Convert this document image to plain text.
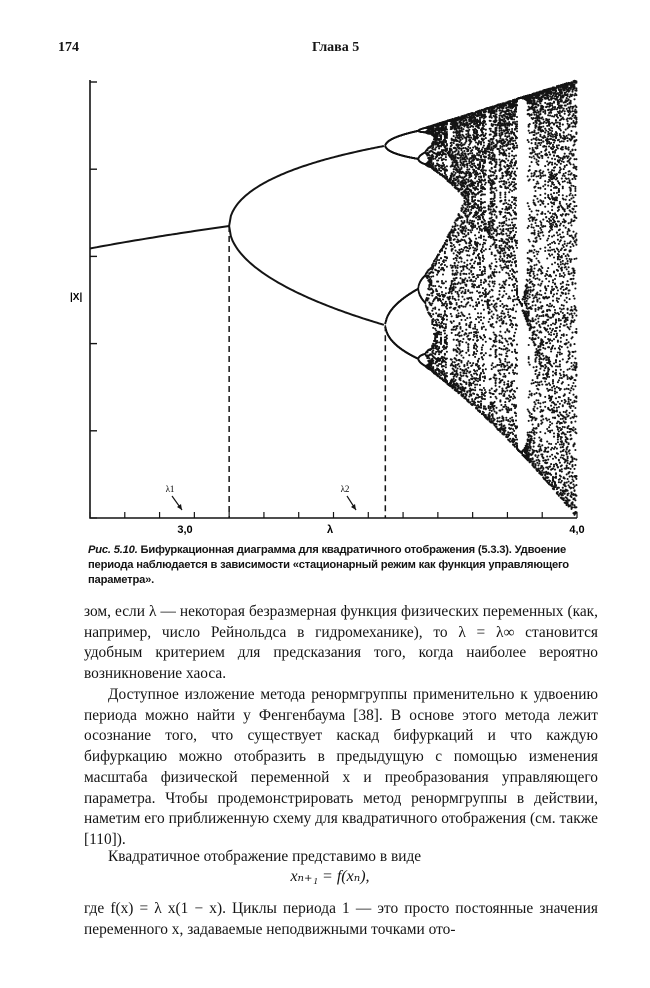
174	Глава 5
|X|
3,0	λ	4,0
λ1	λ2
Рис. 5.10. Бифуркационная диаграмма для квадратичного отображения (5.3.3). Удвоение периода наблюдается в зависимости «стационарный режим как функция управляющего параметра».
зом, если λ — некоторая безразмерная функция физических переменных (как, например, число Рейнольдса в гидромеханике), то λ = λ∞ становится удобным критерием для предсказания того, когда наиболее вероятно возникновение хаоса.
Доступное изложение метода ренормгруппы применительно к удвоению периода можно найти у Фенгенбаума [38]. В основе этого метода лежит осознание того, что существует каскад бифуркаций и что каждую бифуркацию можно отобразить в предыдущую с помощью изменения масштаба физической переменной x и преобразования управляющего параметра. Чтобы продемонстрировать метод ренормгруппы в действии, наметим его приближенную схему для квадратичного отображения (см. также [110]).
Квадратичное отображение представимо в виде
xₙ₊₁ = f(xₙ),
где f(x) = λ x(1 − x). Циклы периода 1 — это просто постоянные значения переменного x, задаваемые неподвижными точками ото-
